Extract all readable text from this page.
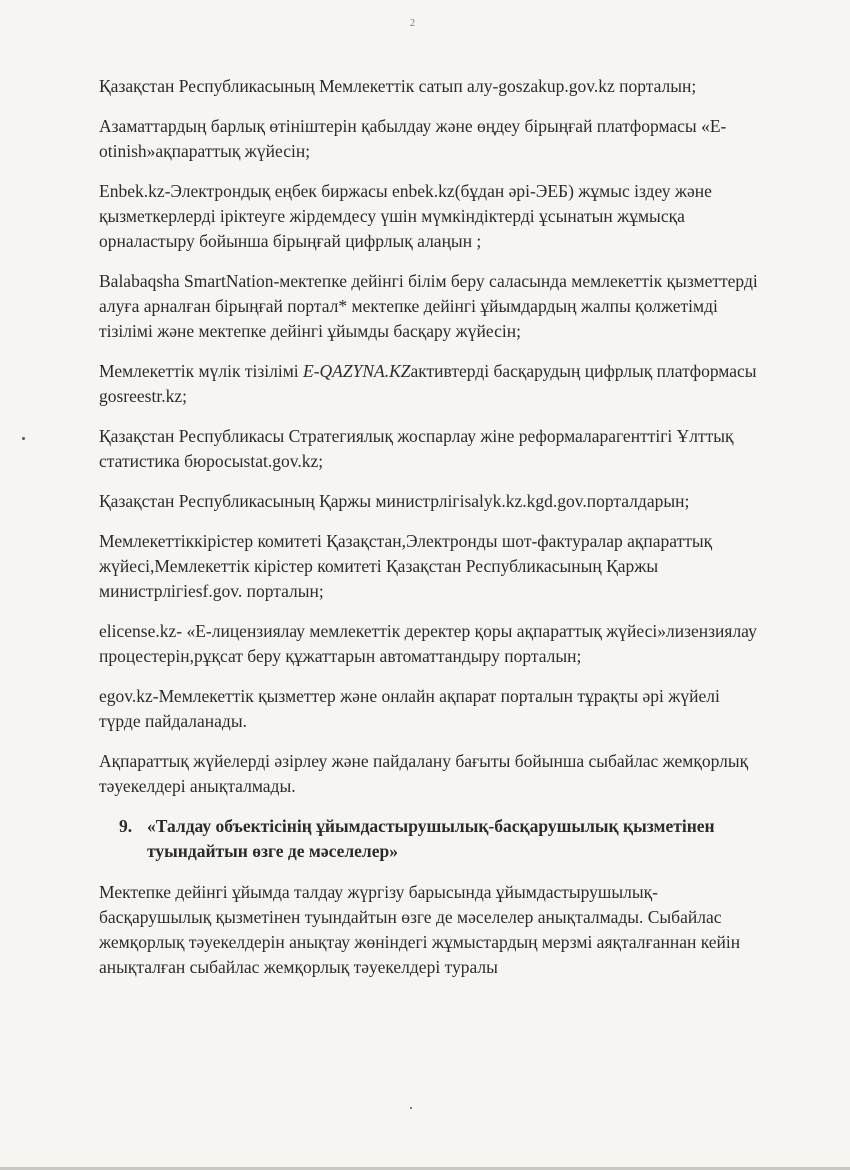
2

Қазақстан Республикасының Мемлекеттік сатып алу-goszakup.gov.kz порталын;

Азаматтардың барлық өтініштерін қабылдау және өңдеу бірыңғай платформасы «E-otinish»ақпараттық жүйесін;

Enbek.kz-Электрондық еңбек биржасы enbek.kz(бұдан әрі-ЭЕБ) жұмыс іздеу және қызметкерлерді іріктеуге жірдемдесу үшін мүмкіндіктерді ұсынатын жұмысқа орналастыру бойынша бірыңғай цифрлық алаңын ;

Balabaqsha SmartNation-мектепке дейінгі білім беру саласында мемлекеттік қызметтерді алуға арналған бірыңғай портал* мектепке дейінгі ұйымдардың жалпы қолжетімді тізілімі және мектепке дейінгі ұйымды басқару жүйесін;

Мемлекеттік мүлік тізілімі E-QAZYNA.KZактивтерді басқарудың цифрлық платформасы gosreestr.kz;

Қазақстан Республикасы Стратегиялық жоспарлау жіне реформаларагенттігі Ұлттық статистика бюросыstat.gov.kz;

Қазақстан Республикасының Қаржы министрлігіsalyk.kz.kgd.gov.порталдарын;

Мемлекеттіккірістер комитеті Қазақстан,Электронды шот-фактуралар ақпараттық жүйесі,Мемлекеттік кірістер комитеті Қазақстан Республикасының Қаржы министрлігіesf.gov. порталын;

elicense.kz- «Е-лицензиялау мемлекеттік деректер қоры ақпараттық жүйесі»лизензиялау процестерін,рұқсат беру құжаттарын автоматтандыру порталын;

egov.kz-Мемлекеттік қызметтер және онлайн ақпарат порталын тұрақты әрі жүйелі түрде пайдаланады.

Ақпараттық жүйелерді әзірлеу және пайдалану бағыты бойынша сыбайлас жемқорлық тәуекелдері анықталмады.

9. «Талдау объектісінің ұйымдастырушылық-басқарушылық қызметінен туындайтын өзге де мәселелер»

Мектепке дейінгі ұйымда талдау жүргізу барысында ұйымдастырушылық-басқарушылық қызметінен туындайтын өзге де мәселелер анықталмады. Сыбайлас жемқорлық тәуекелдерін анықтау жөніндегі жұмыстардың мерзмі аяқталғаннан кейін анықталған сыбайлас жемқорлық тәуекелдері туралы
